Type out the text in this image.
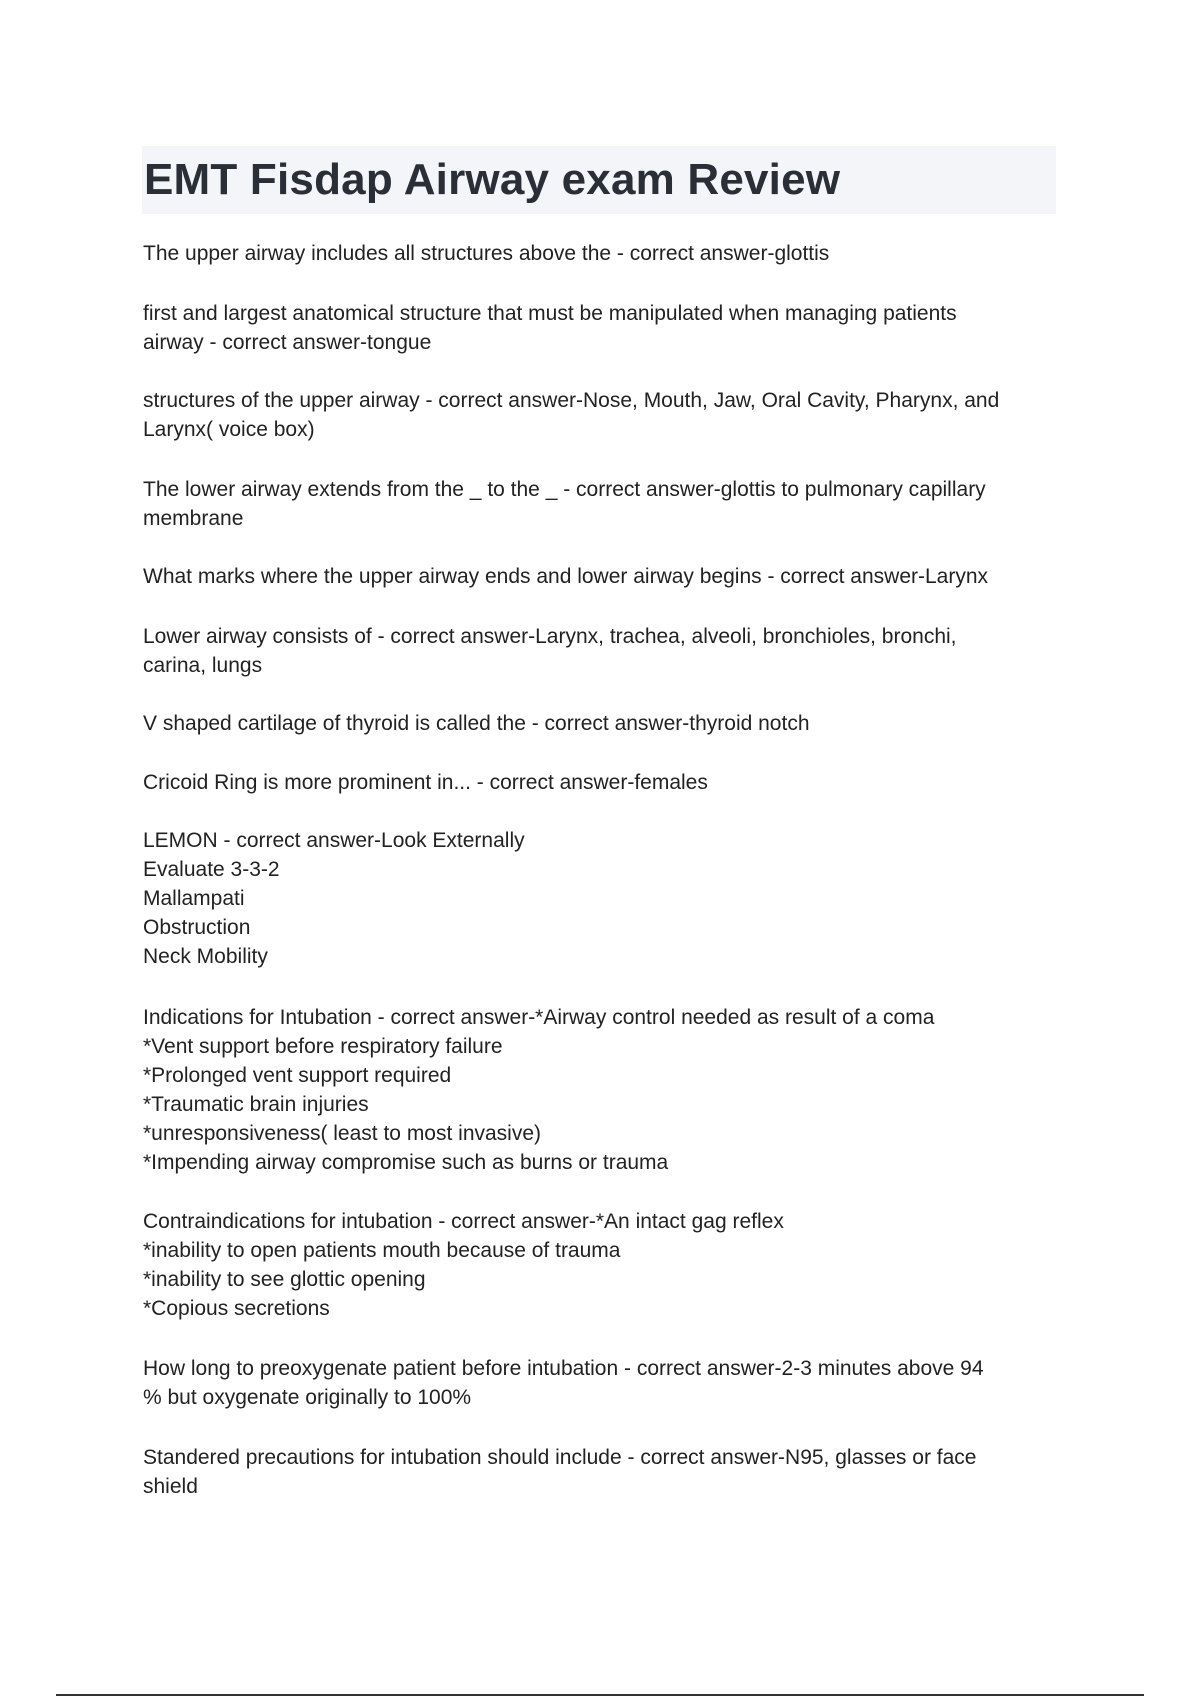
EMT Fisdap Airway exam Review
The upper airway includes all structures above the - correct answer-glottis
first and largest anatomical structure that must be manipulated when managing patients
airway - correct answer-tongue
structures of the upper airway - correct answer-Nose, Mouth, Jaw, Oral Cavity, Pharynx, and
Larynx( voice box)
The lower airway extends from the _ to the _ - correct answer-glottis to pulmonary capillary
membrane
What marks where the upper airway ends and lower airway begins - correct answer-Larynx
Lower airway consists of - correct answer-Larynx, trachea, alveoli, bronchioles, bronchi,
carina, lungs
V shaped cartilage of thyroid is called the - correct answer-thyroid notch
Cricoid Ring is more prominent in... - correct answer-females
LEMON - correct answer-Look Externally
Evaluate 3-3-2
Mallampati
Obstruction
Neck Mobility
Indications for Intubation - correct answer-*Airway control needed as result of a coma
*Vent support before respiratory failure
*Prolonged vent support required
*Traumatic brain injuries
*unresponsiveness( least to most invasive)
*Impending airway compromise such as burns or trauma
Contraindications for intubation - correct answer-*An intact gag reflex
*inability to open patients mouth because of trauma
*inability to see glottic opening
*Copious secretions
How long to preoxygenate patient before intubation - correct answer-2-3 minutes above 94
% but oxygenate originally to 100%
Standered precautions for intubation should include - correct answer-N95, glasses or face
shield
